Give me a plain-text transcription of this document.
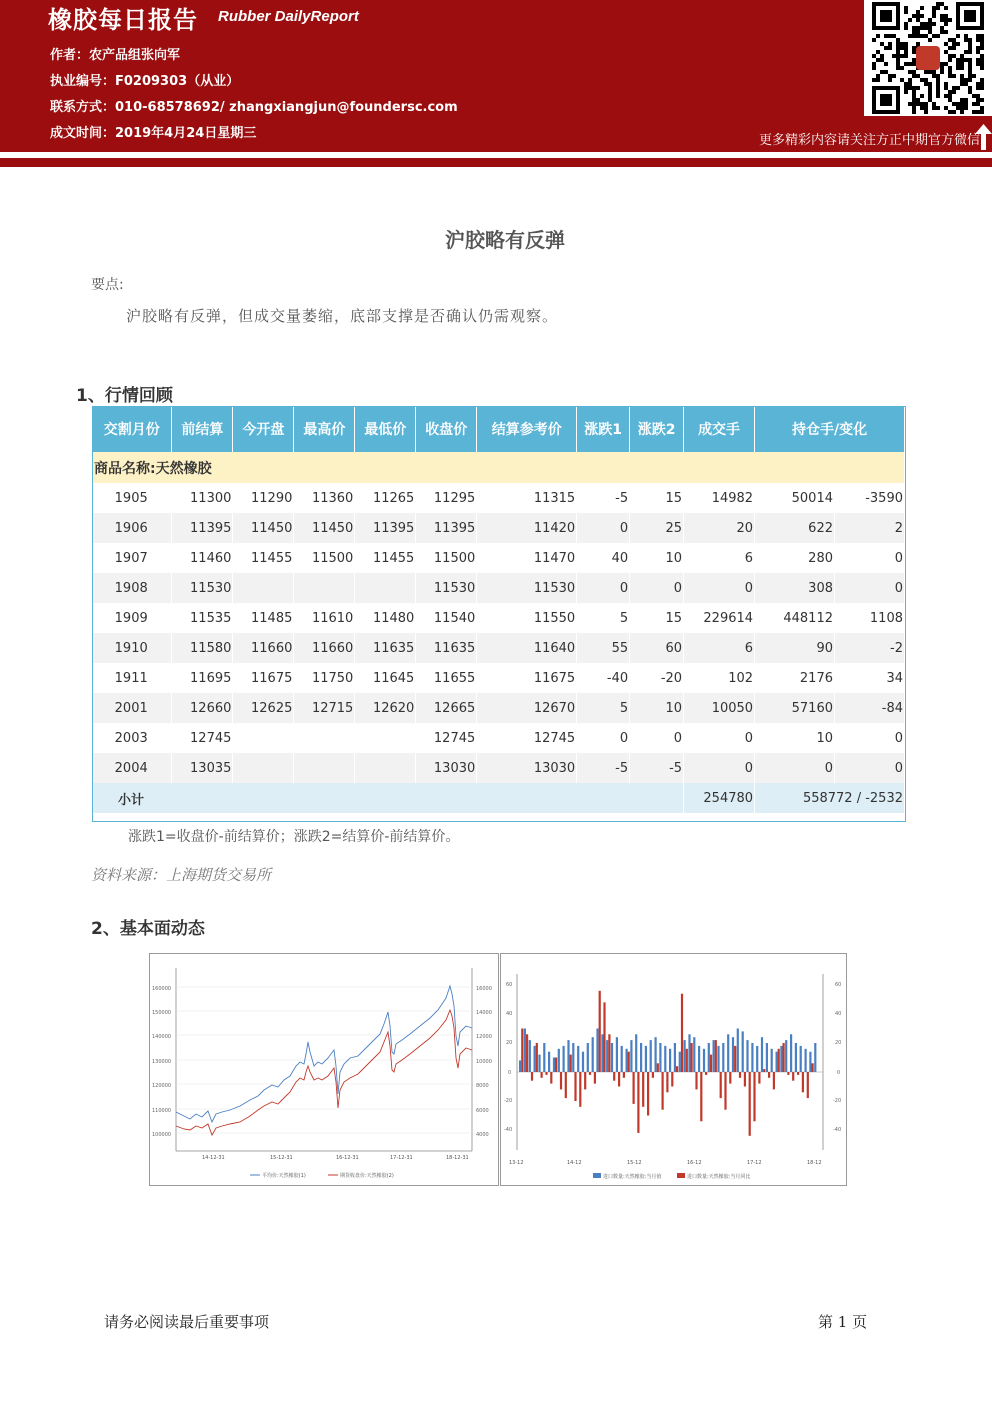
橡胶每日报告 Rubber DailyReport
作者：农产品组张向军
执业编号：F0209303（从业）
联系方式：010-68578692/ zhangxiangjun@foundersc.com
成文时间：2019年4月24日星期三	更多精彩内容请关注方正中期官方微信
沪胶略有反弹
要点:
沪胶略有反弹，但成交量萎缩，底部支撑是否确认仍需观察。
1、行情回顾
交割月份	前结算	今开盘	最高价	最低价	收盘价	结算参考价	涨跌1	涨跌2	成交手	持仓手/变化	
商品名称:天然橡胶											
1905	11300	11290	11360	11265	11295	11315	-5	15	14982	50014	-3590
1906	11395	11450	11450	11395	11395	11420	0	25	20	622	2
1907	11460	11455	11500	11455	11500	11470	40	10	6	280	0
1908	11530				11530	11530	0	0	0	308	0
1909	11535	11485	11610	11480	11540	11550	5	15	229614	448112	1108
1910	11580	11660	11660	11635	11635	11640	55	60	6	90	-2
1911	11695	11675	11750	11645	11655	11675	-40	-20	102	2176	34
2001	12660	12625	12715	12620	12665	12670	5	10	10050	57160	-84
2003	12745				12745	12745	0	0	0	10	0
2004	13035				13030	13030	-5	-5	0	0	0
小计									254780	558772 / -2532	
涨跌1=收盘价-前结算价；涨跌2=结算价-前结算价。
资料来源：上海期货交易所
2、基本面动态
160000
150000
140000
130000
120000
110000
100000
16000
14000
12000
10000
8000
6000
4000
14-12-31	15-12-31	16-12-31	17-12-31	18-12-31
平均价:天然橡胶(1)	期货收盘价:天然橡胶(2)
60
40
20
0
-20
-40
60
40
20
0
-20
-40
13-12	14-12	15-12	16-12	17-12	18-12
进口数量:天然橡胶:当月值	进口数量:天然橡胶:当月同比
请务必阅读最后重要事项	第 1 页
